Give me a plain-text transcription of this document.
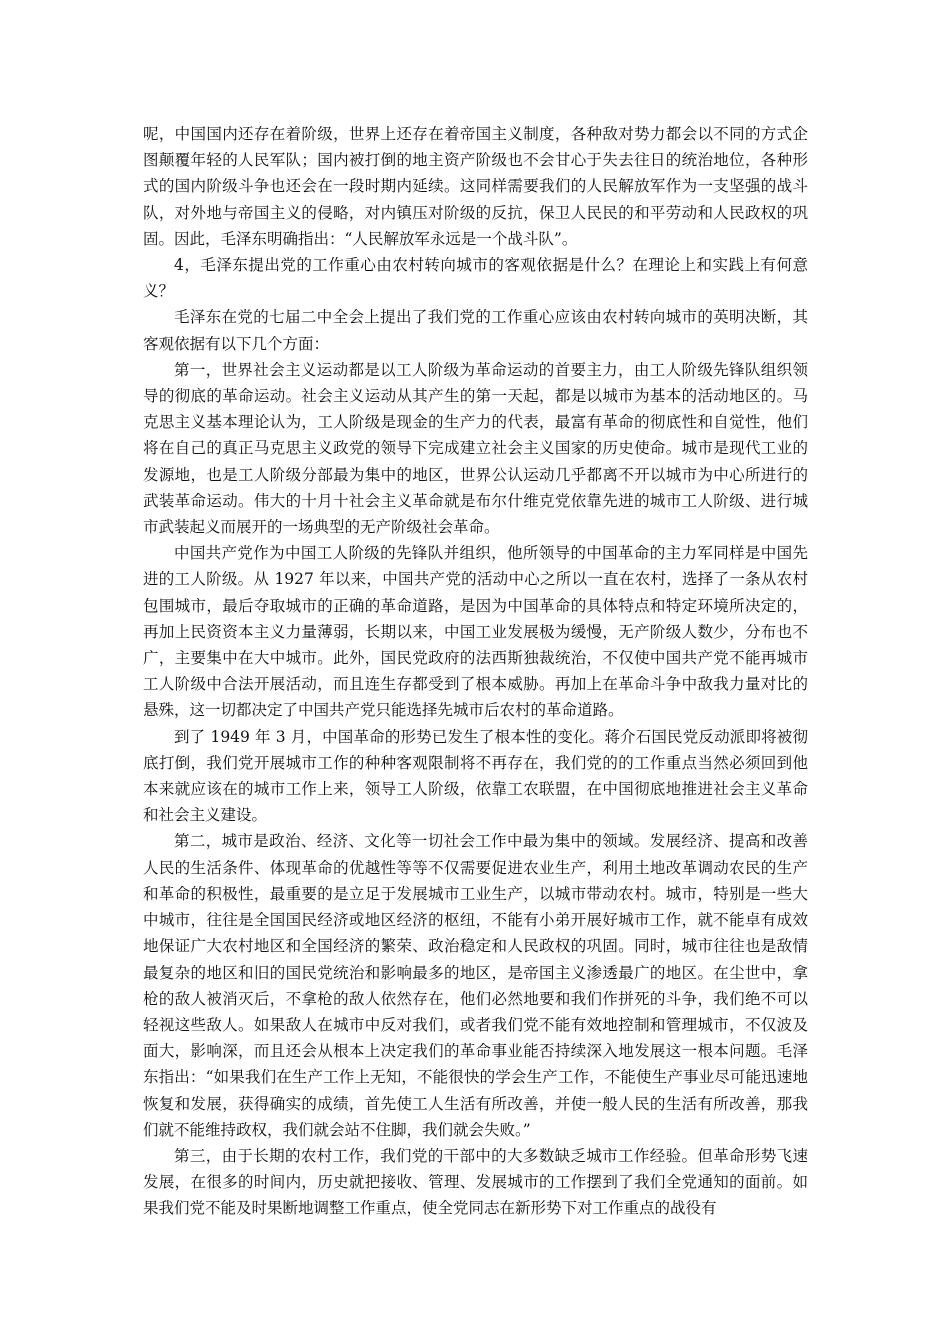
呢，中国国内还存在着阶级，世界上还存在着帝国主义制度，各种敌对势力都会以不同的方式企图颠覆年轻的人民军队；国内被打倒的地主资产阶级也不会甘心于失去往日的统治地位，各种形式的国内阶级斗争也还会在一段时期内延续。这同样需要我们的人民解放军作为一支坚强的战斗队，对外地与帝国主义的侵略，对内镇压对阶级的反抗，保卫人民民的和平劳动和人民政权的巩固。因此，毛泽东明确指出：“人民解放军永远是一个战斗队”。

4，毛泽东提出党的工作重心由农村转向城市的客观依据是什么？在理论上和实践上有何意义？

毛泽东在党的七届二中全会上提出了我们党的工作重心应该由农村转向城市的英明决断，其客观依据有以下几个方面：

第一，世界社会主义运动都是以工人阶级为革命运动的首要主力，由工人阶级先锋队组织领导的彻底的革命运动。社会主义运动从其产生的第一天起，都是以城市为基本的活动地区的。马克思主义基本理论认为，工人阶级是现金的生产力的代表，最富有革命的彻底性和自觉性，他们将在自己的真正马克思主义政党的领导下完成建立社会主义国家的历史使命。城市是现代工业的发源地，也是工人阶级分部最为集中的地区，世界公认运动几乎都离不开以城市为中心所进行的武装革命运动。伟大的十月十社会主义革命就是布尔什维克党依靠先进的城市工人阶级、进行城市武装起义而展开的一场典型的无产阶级社会革命。

中国共产党作为中国工人阶级的先锋队并组织，他所领导的中国革命的主力军同样是中国先进的工人阶级。从 1927 年以来，中国共产党的活动中心之所以一直在农村，选择了一条从农村包围城市，最后夺取城市的正确的革命道路，是因为中国革命的具体特点和特定环境所决定的，再加上民资资本主义力量薄弱，长期以来，中国工业发展极为缓慢，无产阶级人数少，分布也不广，主要集中在大中城市。此外，国民党政府的法西斯独裁统治，不仅使中国共产党不能再城市工人阶级中合法开展活动，而且连生存都受到了根本威胁。再加上在革命斗争中敌我力量对比的悬殊，这一切都决定了中国共产党只能选择先城市后农村的革命道路。

到了 1949 年 3 月，中国革命的形势已发生了根本性的变化。蒋介石国民党反动派即将被彻底打倒，我们党开展城市工作的种种客观限制将不再存在，我们党的的工作重点当然必须回到他本来就应该在的城市工作上来，领导工人阶级，依靠工农联盟，在中国彻底地推进社会主义革命和社会主义建设。

第二，城市是政治、经济、文化等一切社会工作中最为集中的领域。发展经济、提高和改善人民的生活条件、体现革命的优越性等等不仅需要促进农业生产，利用土地改革调动农民的生产和革命的积极性，最重要的是立足于发展城市工业生产，以城市带动农村。城市，特别是一些大中城市，往往是全国国民经济或地区经济的枢纽，不能有小弟开展好城市工作，就不能卓有成效地保证广大农村地区和全国经济的繁荣、政治稳定和人民政权的巩固。同时，城市往往也是敌情最复杂的地区和旧的国民党统治和影响最多的地区，是帝国主义渗透最广的地区。在尘世中，拿枪的敌人被消灭后，不拿枪的敌人依然存在，他们必然地要和我们作拼死的斗争，我们绝不可以轻视这些敌人。如果敌人在城市中反对我们，或者我们党不能有效地控制和管理城市，不仅波及面大，影响深，而且还会从根本上决定我们的革命事业能否持续深入地发展这一根本问题。毛泽东指出：“如果我们在生产工作上无知，不能很快的学会生产工作，不能使生产事业尽可能迅速地恢复和发展，获得确实的成绩，首先使工人生活有所改善，并使一般人民的生活有所改善，那我们就不能维持政权，我们就会站不住脚，我们就会失败。”

第三，由于长期的农村工作，我们党的干部中的大多数缺乏城市工作经验。但革命形势飞速发展，在很多的时间内，历史就把接收、管理、发展城市的工作摆到了我们全党通知的面前。如果我们党不能及时果断地调整工作重点，使全党同志在新形势下对工作重点的战役有
